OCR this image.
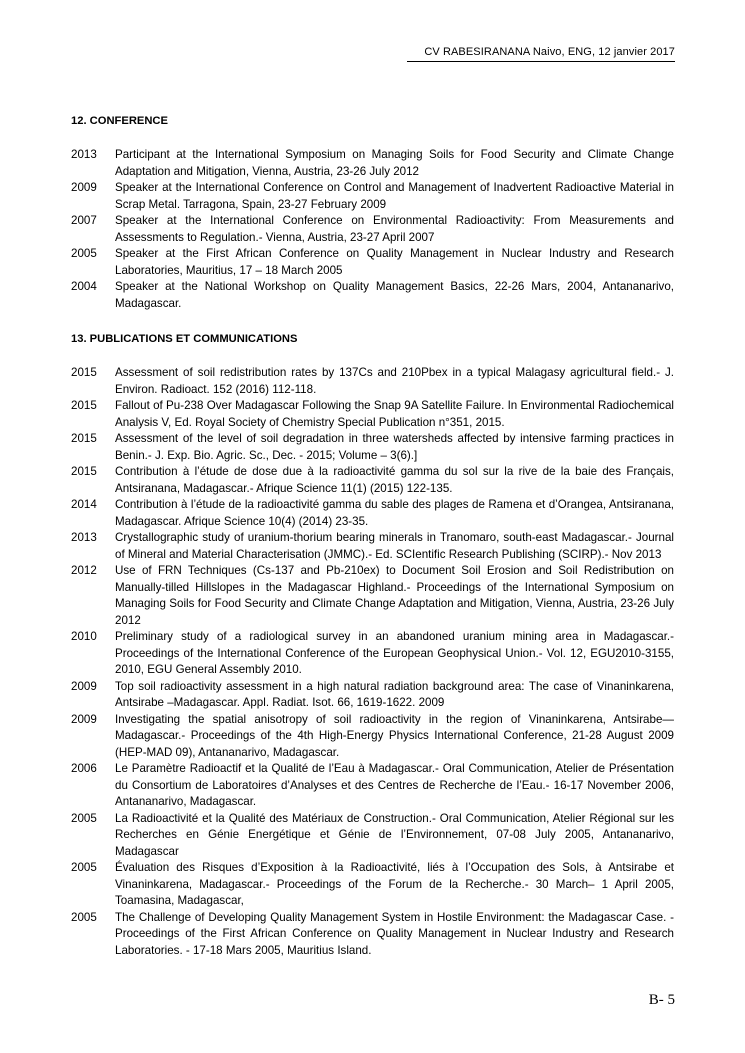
CV RABESIRANANA Naivo, ENG, 12 janvier 2017
12. CONFERENCE
2013	Participant at the International Symposium on Managing Soils for Food Security and Climate Change Adaptation and Mitigation, Vienna, Austria, 23-26 July 2012
2009	Speaker at the International Conference on Control and Management of Inadvertent Radioactive Material in Scrap Metal. Tarragona, Spain, 23-27 February 2009
2007	Speaker at the International Conference on Environmental Radioactivity: From Measurements and Assessments to Regulation.- Vienna, Austria, 23-27 April 2007
2005	Speaker at the First African Conference on Quality Management in Nuclear Industry and Research Laboratories, Mauritius, 17 – 18 March 2005
2004	Speaker at the National Workshop on Quality Management Basics, 22-26 Mars, 2004, Antananarivo, Madagascar.
13. PUBLICATIONS ET COMMUNICATIONS
2015	Assessment of soil redistribution rates by 137Cs and 210Pbex in a typical Malagasy agricultural field.- J. Environ. Radioact. 152 (2016) 112-118.
2015	Fallout of Pu-238 Over Madagascar Following the Snap 9A Satellite Failure. In Environmental Radiochemical Analysis V, Ed. Royal Society of Chemistry Special Publication n°351, 2015.
2015	Assessment of the level of soil degradation in three watersheds affected by intensive farming practices in Benin.- J. Exp. Bio. Agric. Sc., Dec. - 2015; Volume – 3(6).]
2015	Contribution à l’étude de dose due à la radioactivité gamma du sol sur la rive de la baie des Français, Antsiranana, Madagascar.- Afrique Science 11(1) (2015) 122-135.
2014	Contribution à l’étude de la radioactivité gamma du sable des plages de Ramena et d’Orangea, Antsiranana, Madagascar. Afrique Science 10(4) (2014) 23-35.
2013	Crystallographic study of uranium-thorium bearing minerals in Tranomaro, south-east Madagascar.- Journal of Mineral and Material Characterisation (JMMC).- Ed. SCIentific Research Publishing (SCIRP).- Nov 2013
2012	Use of FRN Techniques (Cs-137 and Pb-210ex) to Document Soil Erosion and Soil Redistribution on Manually-tilled Hillslopes in the Madagascar Highland.- Proceedings of the International Symposium on Managing Soils for Food Security and Climate Change Adaptation and Mitigation, Vienna, Austria, 23-26 July 2012
2010	Preliminary study of a radiological survey in an abandoned uranium mining area in Madagascar.- Proceedings of the International Conference of the European Geophysical Union.- Vol. 12, EGU2010-3155, 2010, EGU General Assembly 2010.
2009	Top soil radioactivity assessment in a high natural radiation background area: The case of Vinaninkarena, Antsirabe –Madagascar. Appl. Radiat. Isot. 66, 1619-1622. 2009
2009	Investigating the spatial anisotropy of soil radioactivity in the region of Vinaninkarena, Antsirabe—Madagascar.- Proceedings of the 4th High-Energy Physics International Conference, 21-28 August 2009 (HEP-MAD 09), Antananarivo, Madagascar.
2006	Le Paramètre Radioactif et la Qualité de l’Eau à Madagascar.- Oral Communication, Atelier de Présentation du Consortium de Laboratoires d’Analyses et des Centres de Recherche de l’Eau.- 16-17 November 2006, Antananarivo, Madagascar.
2005	La Radioactivité et la Qualité des Matériaux de Construction.- Oral Communication, Atelier Régional sur les Recherches en Génie Energétique et Génie de l’Environnement, 07-08 July 2005, Antananarivo, Madagascar
2005	Évaluation des Risques d’Exposition à la Radioactivité, liés à l’Occupation des Sols, à Antsirabe et Vinaninkarena, Madagascar.- Proceedings of the Forum de la Recherche.- 30 March– 1 April 2005, Toamasina, Madagascar,
2005	The Challenge of Developing Quality Management System in Hostile Environment: the Madagascar Case. - Proceedings of the First African Conference on Quality Management in Nuclear Industry and Research Laboratories. - 17-18 Mars 2005, Mauritius Island.
B- 5
